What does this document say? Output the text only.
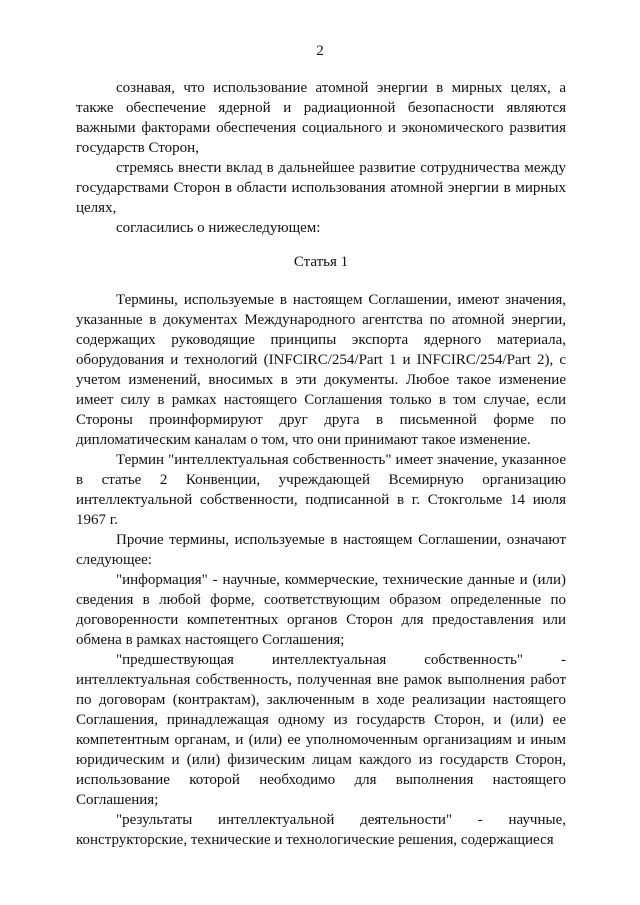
2

сознавая, что использование атомной энергии в мирных целях, а также обеспечение ядерной и радиационной безопасности являются важными факторами обеспечения социального и экономического развития государств Сторон,

стремясь внести вклад в дальнейшее развитие сотрудничества между государствами Сторон в области использования атомной энергии в мирных целях,

согласились о нижеследующем:

Статья 1

Термины, используемые в настоящем Соглашении, имеют значения, указанные в документах Международного агентства по атомной энергии, содержащих руководящие принципы экспорта ядерного материала, оборудования и технологий (INFCIRC/254/Part 1 и INFCIRC/254/Part 2), с учетом изменений, вносимых в эти документы. Любое такое изменение имеет силу в рамках настоящего Соглашения только в том случае, если Стороны проинформируют друг друга в письменной форме по дипломатическим каналам о том, что они принимают такое изменение.

Термин "интеллектуальная собственность" имеет значение, указанное в статье 2 Конвенции, учреждающей Всемирную организацию интеллектуальной собственности, подписанной в г. Стокгольме 14 июля 1967 г.

Прочие термины, используемые в настоящем Соглашении, означают следующее:

"информация" - научные, коммерческие, технические данные и (или) сведения в любой форме, соответствующим образом определенные по договоренности компетентных органов Сторон для предоставления или обмена в рамках настоящего Соглашения;

"предшествующая интеллектуальная собственность" - интеллектуальная собственность, полученная вне рамок выполнения работ по договорам (контрактам), заключенным в ходе реализации настоящего Соглашения, принадлежащая одному из государств Сторон, и (или) ее компетентным органам, и (или) ее уполномоченным организациям и иным юридическим и (или) физическим лицам каждого из государств Сторон, использование которой необходимо для выполнения настоящего Соглашения;

"результаты интеллектуальной деятельности" - научные, конструкторские, технические и технологические решения, содержащиеся
